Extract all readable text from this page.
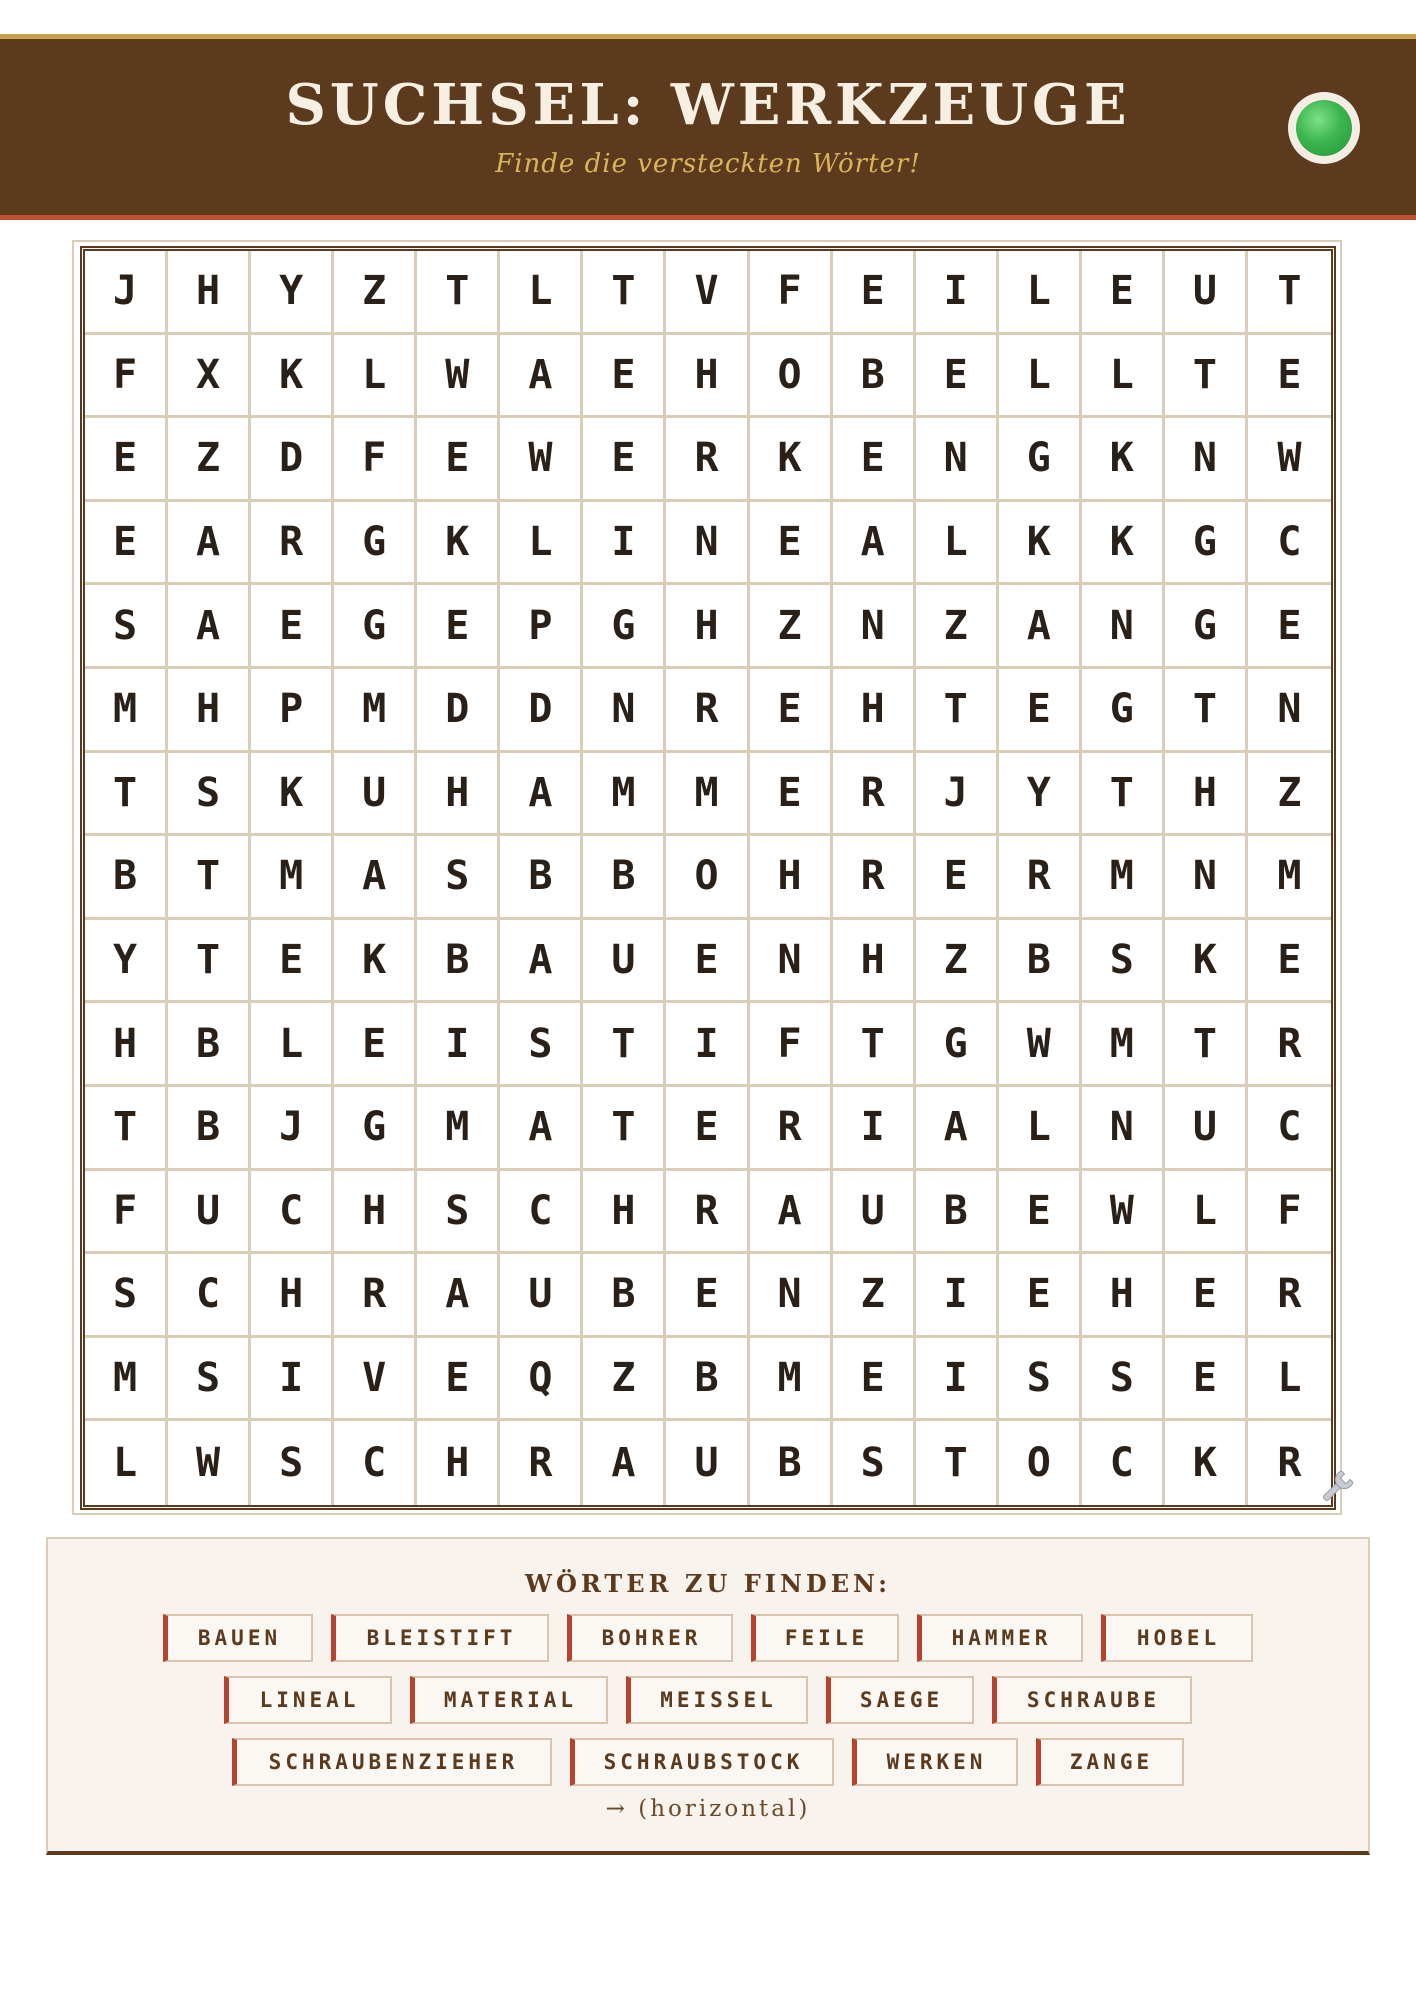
SUCHSEL: WERKZEUGE
Finde die versteckten Wörter!
J	H	Y	Z	T	L	T	V	F	E	I	L	E	U	T
F	X	K	L	W	A	E	H	O	B	E	L	L	T	E
E	Z	D	F	E	W	E	R	K	E	N	G	K	N	W
E	A	R	G	K	L	I	N	E	A	L	K	K	G	C
S	A	E	G	E	P	G	H	Z	N	Z	A	N	G	E
M	H	P	M	D	D	N	R	E	H	T	E	G	T	N
T	S	K	U	H	A	M	M	E	R	J	Y	T	H	Z
B	T	M	A	S	B	B	O	H	R	E	R	M	N	M
Y	T	E	K	B	A	U	E	N	H	Z	B	S	K	E
H	B	L	E	I	S	T	I	F	T	G	W	M	T	R
T	B	J	G	M	A	T	E	R	I	A	L	N	U	C
F	U	C	H	S	C	H	R	A	U	B	E	W	L	F
S	C	H	R	A	U	B	E	N	Z	I	E	H	E	R
M	S	I	V	E	Q	Z	B	M	E	I	S	S	E	L
L	W	S	C	H	R	A	U	B	S	T	O	C	K	R
WÖRTER ZU FINDEN:
BAUEN	BLEISTIFT	BOHRER	FEILE	HAMMER	HOBEL
LINEAL	MATERIAL	MEISSEL	SAEGE	SCHRAUBE
SCHRAUBENZIEHER	SCHRAUBSTOCK	WERKEN	ZANGE
→ (horizontal)
